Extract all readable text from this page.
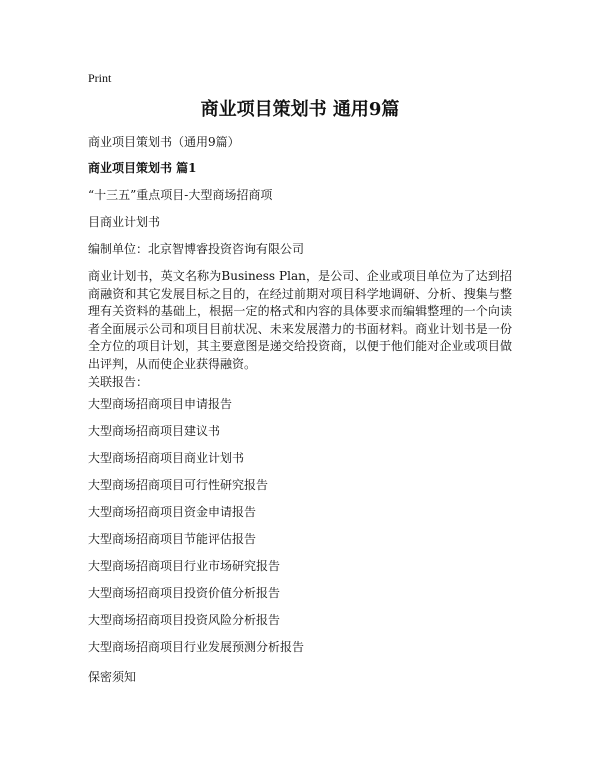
Print
商业项目策划书 通用9篇
商业项目策划书（通用9篇）
商业项目策划书 篇1
“十三五”重点项目-大型商场招商项
目商业计划书
编制单位：北京智博睿投资咨询有限公司
商业计划书，英文名称为Business Plan，是公司、企业或项目单位为了达到招商融资和其它发展目标之目的，在经过前期对项目科学地调研、分析、搜集与整理有关资料的基础上，根据一定的格式和内容的具体要求而编辑整理的一个向读者全面展示公司和项目目前状况、未来发展潜力的书面材料。商业计划书是一份全方位的项目计划，其主要意图是递交给投资商，以便于他们能对企业或项目做出评判，从而使企业获得融资。
关联报告：
大型商场招商项目申请报告
大型商场招商项目建议书
大型商场招商项目商业计划书
大型商场招商项目可行性研究报告
大型商场招商项目资金申请报告
大型商场招商项目节能评估报告
大型商场招商项目行业市场研究报告
大型商场招商项目投资价值分析报告
大型商场招商项目投资风险分析报告
大型商场招商项目行业发展预测分析报告
保密须知
